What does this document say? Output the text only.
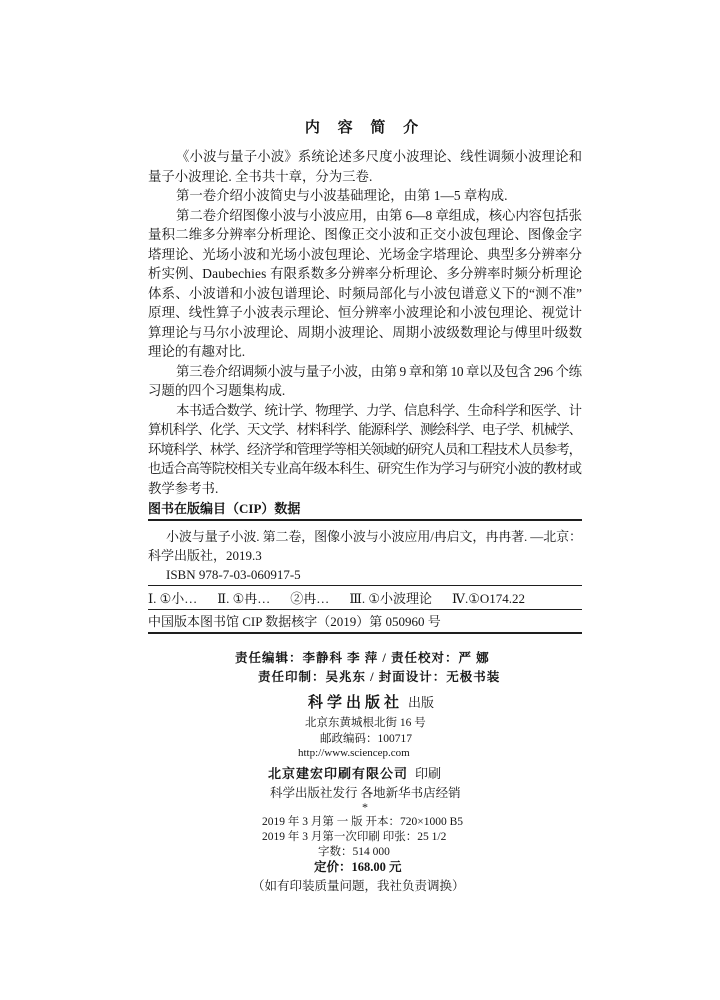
内 容 简 介
《小波与量子小波》系统论述多尺度小波理论、线性调频小波理论和
量子小波理论. 全书共十章，分为三卷.
第一卷介绍小波简史与小波基础理论，由第 1—5 章构成.
第二卷介绍图像小波与小波应用，由第 6—8 章组成，核心内容包括张
量积二维多分辨率分析理论、图像正交小波和正交小波包理论、图像金字
塔理论、光场小波和光场小波包理论、光场金字塔理论、典型多分辨率分
析实例、Daubechies 有限系数多分辨率分析理论、多分辨率时频分析理论
体系、小波谱和小波包谱理论、时频局部化与小波包谱意义下的“测不准”
原理、线性算子小波表示理论、恒分辨率小波理论和小波包理论、视觉计
算理论与马尔小波理论、周期小波理论、周期小波级数理论与傅里叶级数
理论的有趣对比.
第三卷介绍调频小波与量子小波，由第 9 章和第 10 章以及包含 296 个练
习题的四个习题集构成.
本书适合数学、统计学、物理学、力学、信息科学、生命科学和医学、计
算机科学、化学、天文学、材料科学、能源科学、测绘科学、电子学、机械学、
环境科学、林学、经济学和管理学等相关领域的研究人员和工程技术人员参考，
也适合高等院校相关专业高年级本科生、研究生作为学习与研究小波的教材或
教学参考书.
图书在版编目（CIP）数据
小波与量子小波. 第二卷，图像小波与小波应用/冉启文，冉冉著. —北京：
科学出版社，2019.3
ISBN 978-7-03-060917-5
Ⅰ. ①小… Ⅱ. ①冉… ②冉… Ⅲ. ①小波理论 Ⅳ.①O174.22
中国版本图书馆 CIP 数据核字（2019）第 050960 号
责任编辑：李静科 李 萍 / 责任校对：严 娜
责任印制：吴兆东 / 封面设计：无极书装
科学出版社 出版
北京东黄城根北街 16 号
邮政编码：100717
http://www.sciencep.com
北京建宏印刷有限公司 印刷
科学出版社发行 各地新华书店经销
*
2019 年 3 月第 一 版 开本：720×1000 B5
2019 年 3 月第一次印刷 印张：25 1/2
字数：514 000
定价：168.00 元
（如有印装质量问题，我社负责调换）
